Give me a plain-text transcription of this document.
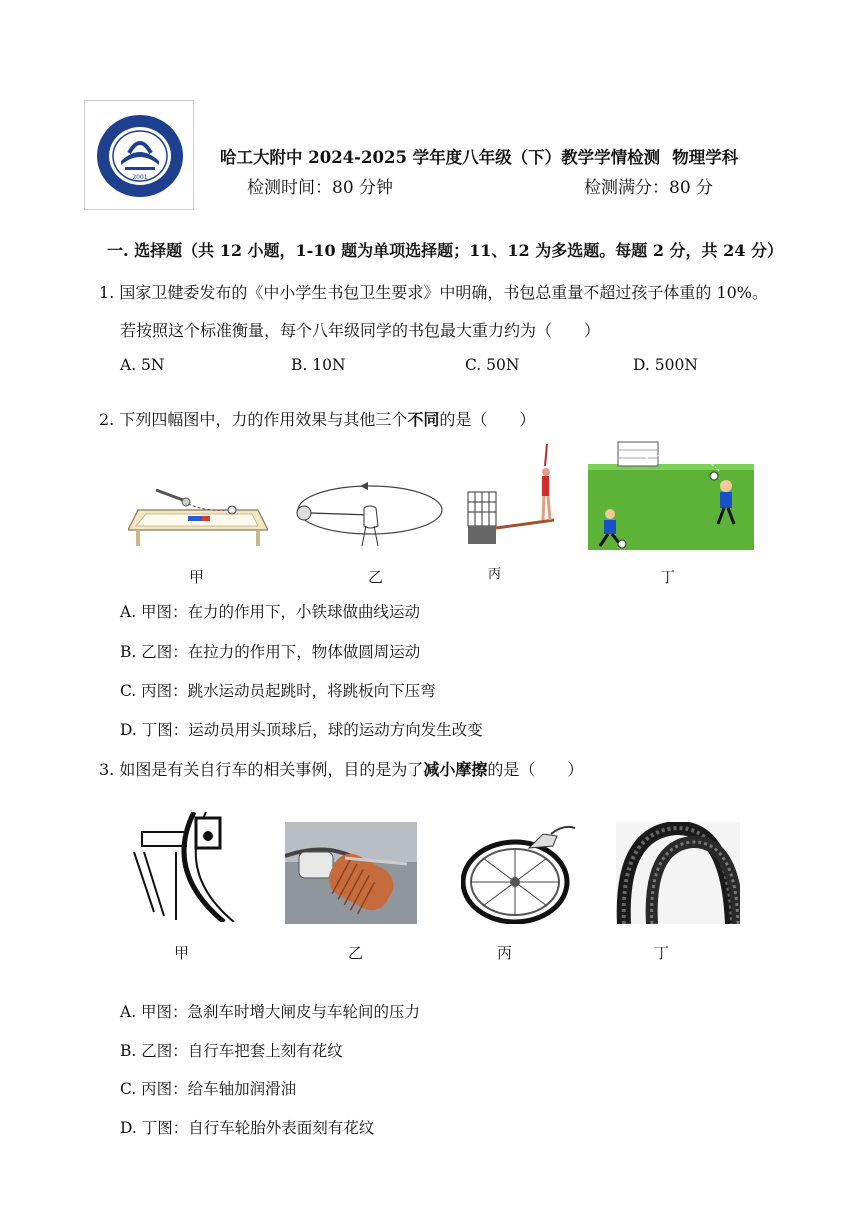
2001
哈工大附中 2024-2025 学年度八年级（下）教学学情检测 物理学科
检测时间：80 分钟	检测满分：80 分
一. 选择题（共 12 小题，1-10 题为单项选择题；11、12 为多选题。每题 2 分，共 24 分）
1. 国家卫健委发布的《中小学生书包卫生要求》中明确，书包总重量不超过孩子体重的 10%。
若按照这个标准衡量，每个八年级同学的书包最大重力约为（　　）
A. 5N	B. 10N	C. 50N	D. 500N
2. 下列四幅图中，力的作用效果与其他三个不同的是（　　）
甲	乙	丙	丁
A. 甲图：在力的作用下，小铁球做曲线运动
B. 乙图：在拉力的作用下，物体做圆周运动
C. 丙图：跳水运动员起跳时，将跳板向下压弯
D. 丁图：运动员用头顶球后，球的运动方向发生改变
3. 如图是有关自行车的相关事例，目的是为了减小摩擦的是（　　）
甲	乙	丙	丁
A. 甲图：急刹车时增大闸皮与车轮间的压力
B. 乙图：自行车把套上刻有花纹
C. 丙图：给车轴加润滑油
D. 丁图：自行车轮胎外表面刻有花纹
